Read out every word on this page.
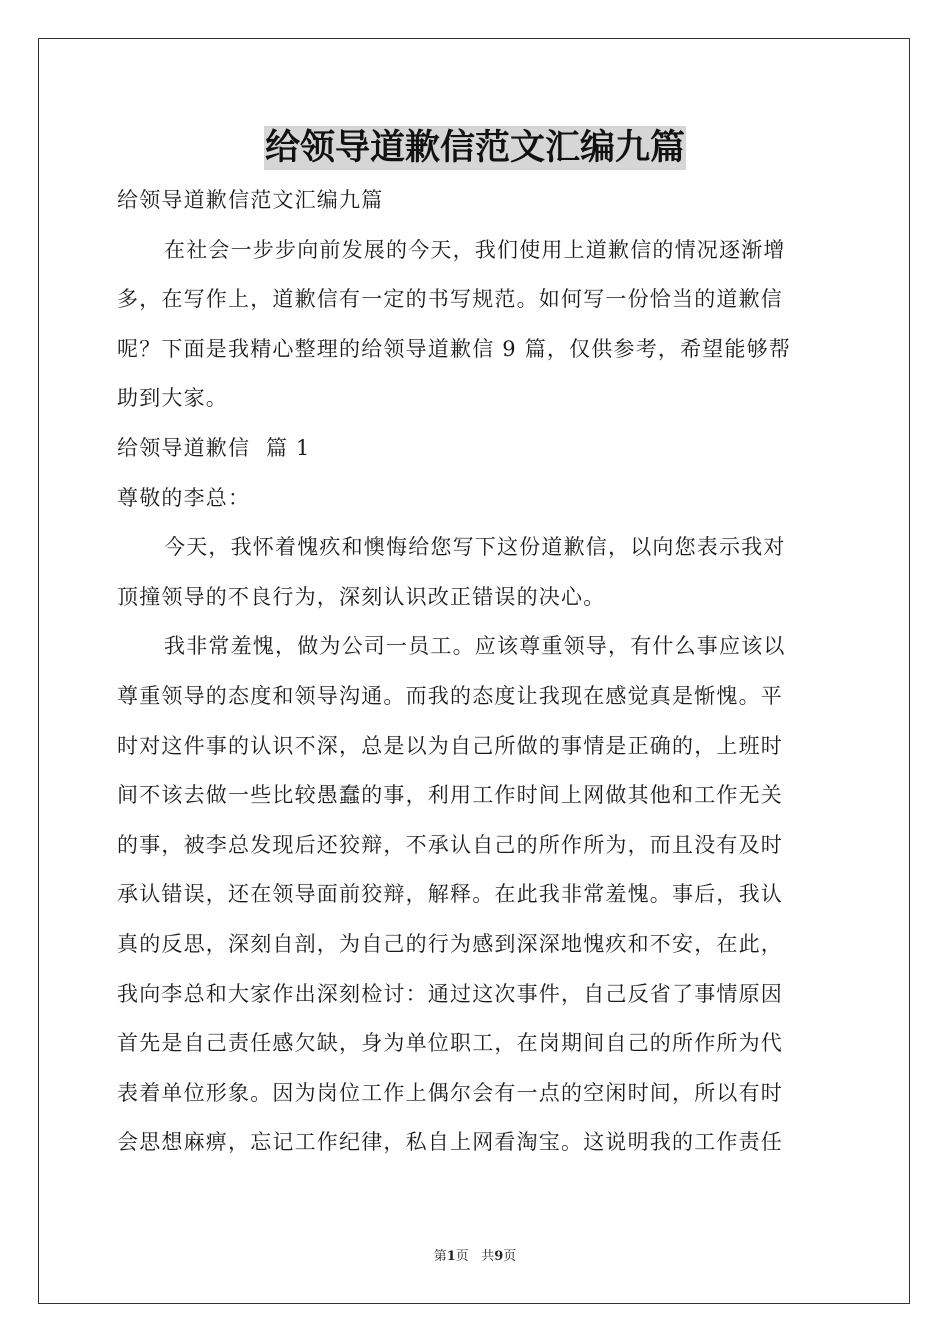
给领导道歉信范文汇编九篇
给领导道歉信范文汇编九篇
在社会一步步向前发展的今天，我们使用上道歉信的情况逐渐增
多，在写作上，道歉信有一定的书写规范。如何写一份恰当的道歉信
呢？下面是我精心整理的给领导道歉信 9 篇，仅供参考，希望能够帮
助到大家。
给领导道歉信  篇 1
尊敬的李总：
今天，我怀着愧疚和懊悔给您写下这份道歉信，以向您表示我对
顶撞领导的不良行为，深刻认识改正错误的决心。
我非常羞愧，做为公司一员工。应该尊重领导，有什么事应该以
尊重领导的态度和领导沟通。而我的态度让我现在感觉真是惭愧。平
时对这件事的认识不深，总是以为自己所做的事情是正确的，上班时
间不该去做一些比较愚蠢的事，利用工作时间上网做其他和工作无关
的事，被李总发现后还狡辩，不承认自己的所作所为，而且没有及时
承认错误，还在领导面前狡辩，解释。在此我非常羞愧。事后，我认
真的反思，深刻自剖，为自己的行为感到深深地愧疚和不安，在此，
我向李总和大家作出深刻检讨：通过这次事件，自己反省了事情原因
首先是自己责任感欠缺，身为单位职工，在岗期间自己的所作所为代
表着单位形象。因为岗位工作上偶尔会有一点的空闲时间，所以有时
会思想麻痹，忘记工作纪律，私自上网看淘宝。这说明我的工作责任
第1页   共9页
